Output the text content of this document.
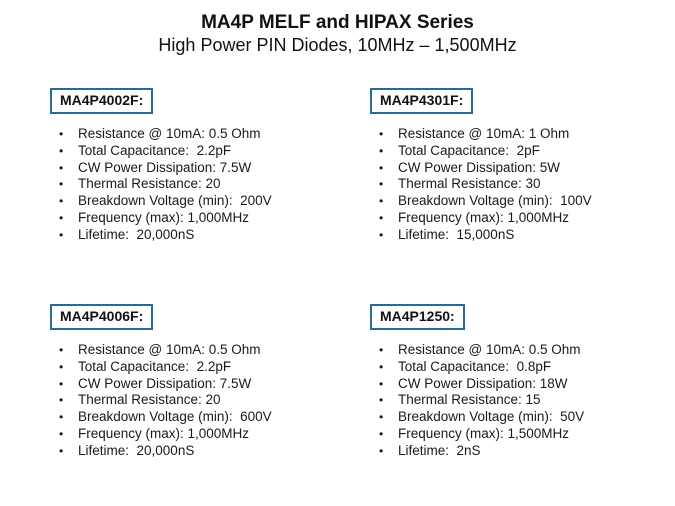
MA4P MELF and HIPAX Series
High Power PIN Diodes, 10MHz – 1,500MHz
MA4P4002F:
• Resistance @ 10mA: 0.5 Ohm
• Total Capacitance:  2.2pF
• CW Power Dissipation: 7.5W
• Thermal Resistance: 20
• Breakdown Voltage (min):  200V
• Frequency (max): 1,000MHz
• Lifetime:  20,000nS
MA4P4301F:
• Resistance @ 10mA: 1 Ohm
• Total Capacitance:  2pF
• CW Power Dissipation: 5W
• Thermal Resistance: 30
• Breakdown Voltage (min):  100V
• Frequency (max): 1,000MHz
• Lifetime:  15,000nS
MA4P4006F:
• Resistance @ 10mA: 0.5 Ohm
• Total Capacitance:  2.2pF
• CW Power Dissipation: 7.5W
• Thermal Resistance: 20
• Breakdown Voltage (min):  600V
• Frequency (max): 1,000MHz
• Lifetime:  20,000nS
MA4P1250:
• Resistance @ 10mA: 0.5 Ohm
• Total Capacitance:  0.8pF
• CW Power Dissipation: 18W
• Thermal Resistance: 15
• Breakdown Voltage (min):  50V
• Frequency (max): 1,500MHz
• Lifetime:  2nS
